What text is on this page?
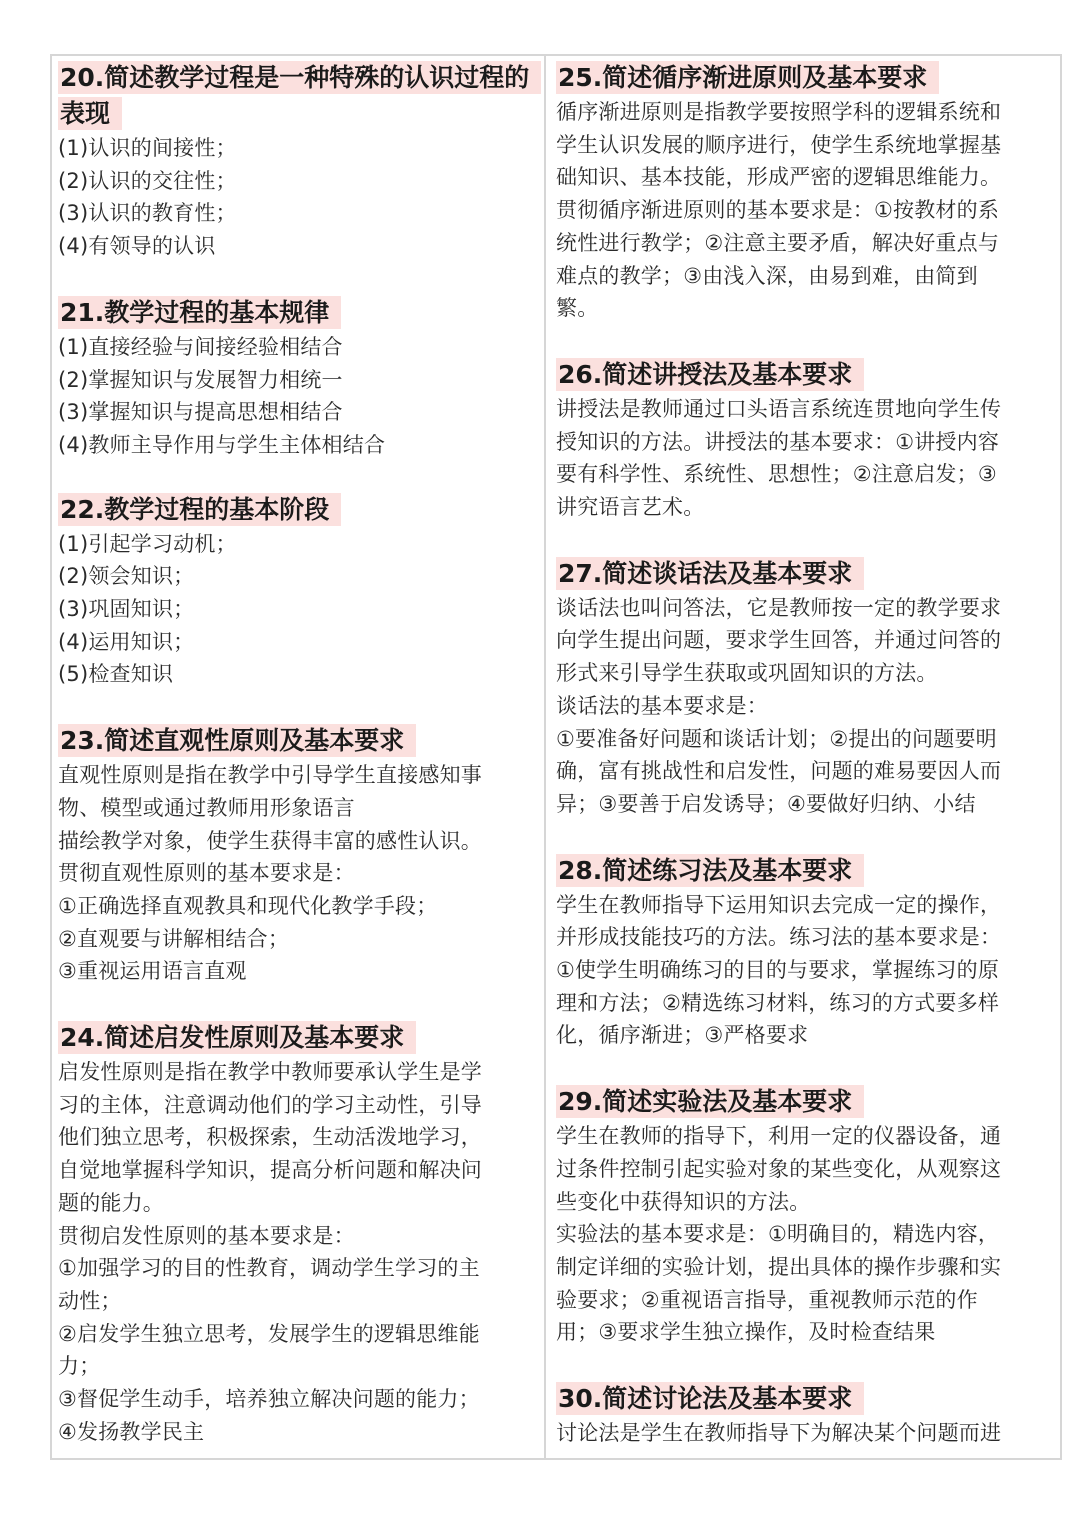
20.简述教学过程是一种特殊的认识过程的表现

(1)认识的间接性；

(2)认识的交往性；

(3)认识的教育性；

(4)有领导的认识

21.教学过程的基本规律

(1)直接经验与间接经验相结合

(2)掌握知识与发展智力相统一

(3)掌握知识与提高思想相结合

(4)教师主导作用与学生主体相结合

22.教学过程的基本阶段

(1)引起学习动机；

(2)领会知识；

(3)巩固知识；

(4)运用知识；

(5)检查知识

23.简述直观性原则及基本要求

直观性原则是指在教学中引导学生直接感知事

物、模型或通过教师用形象语言

描绘教学对象，使学生获得丰富的感性认识。

贯彻直观性原则的基本要求是：

①正确选择直观教具和现代化教学手段；

②直观要与讲解相结合；

③重视运用语言直观

24.简述启发性原则及基本要求

启发性原则是指在教学中教师要承认学生是学

习的主体，注意调动他们的学习主动性，引导

他们独立思考，积极探索，生动活泼地学习，

自觉地掌握科学知识，提高分析问题和解决问

题的能力。

贯彻启发性原则的基本要求是：

①加强学习的目的性教育，调动学生学习的主

动性；

②启发学生独立思考，发展学生的逻辑思维能

力；

③督促学生动手，培养独立解决问题的能力；

④发扬教学民主

25.简述循序渐进原则及基本要求

循序渐进原则是指教学要按照学科的逻辑系统和

学生认识发展的顺序进行，使学生系统地掌握基

础知识、基本技能，形成严密的逻辑思维能力。

贯彻循序渐进原则的基本要求是：①按教材的系

统性进行教学；②注意主要矛盾，解决好重点与

难点的教学；③由浅入深，由易到难，由简到

繁。

26.简述讲授法及基本要求

讲授法是教师通过口头语言系统连贯地向学生传

授知识的方法。讲授法的基本要求：①讲授内容

要有科学性、系统性、思想性；②注意启发；③

讲究语言艺术。

27.简述谈话法及基本要求

谈话法也叫问答法，它是教师按一定的教学要求

向学生提出问题，要求学生回答，并通过问答的

形式来引导学生获取或巩固知识的方法。

谈话法的基本要求是：

①要准备好问题和谈话计划；②提出的问题要明

确，富有挑战性和启发性，问题的难易要因人而

异；③要善于启发诱导；④要做好归纳、小结

28.简述练习法及基本要求

学生在教师指导下运用知识去完成一定的操作，

并形成技能技巧的方法。练习法的基本要求是：

①使学生明确练习的目的与要求，掌握练习的原

理和方法；②精选练习材料，练习的方式要多样

化，循序渐进；③严格要求

29.简述实验法及基本要求

学生在教师的指导下，利用一定的仪器设备，通

过条件控制引起实验对象的某些变化，从观察这

些变化中获得知识的方法。

实验法的基本要求是：①明确目的，精选内容，

制定详细的实验计划，提出具体的操作步骤和实

验要求；②重视语言指导，重视教师示范的作

用；③要求学生独立操作，及时检查结果

30.简述讨论法及基本要求

讨论法是学生在教师指导下为解决某个问题而进
